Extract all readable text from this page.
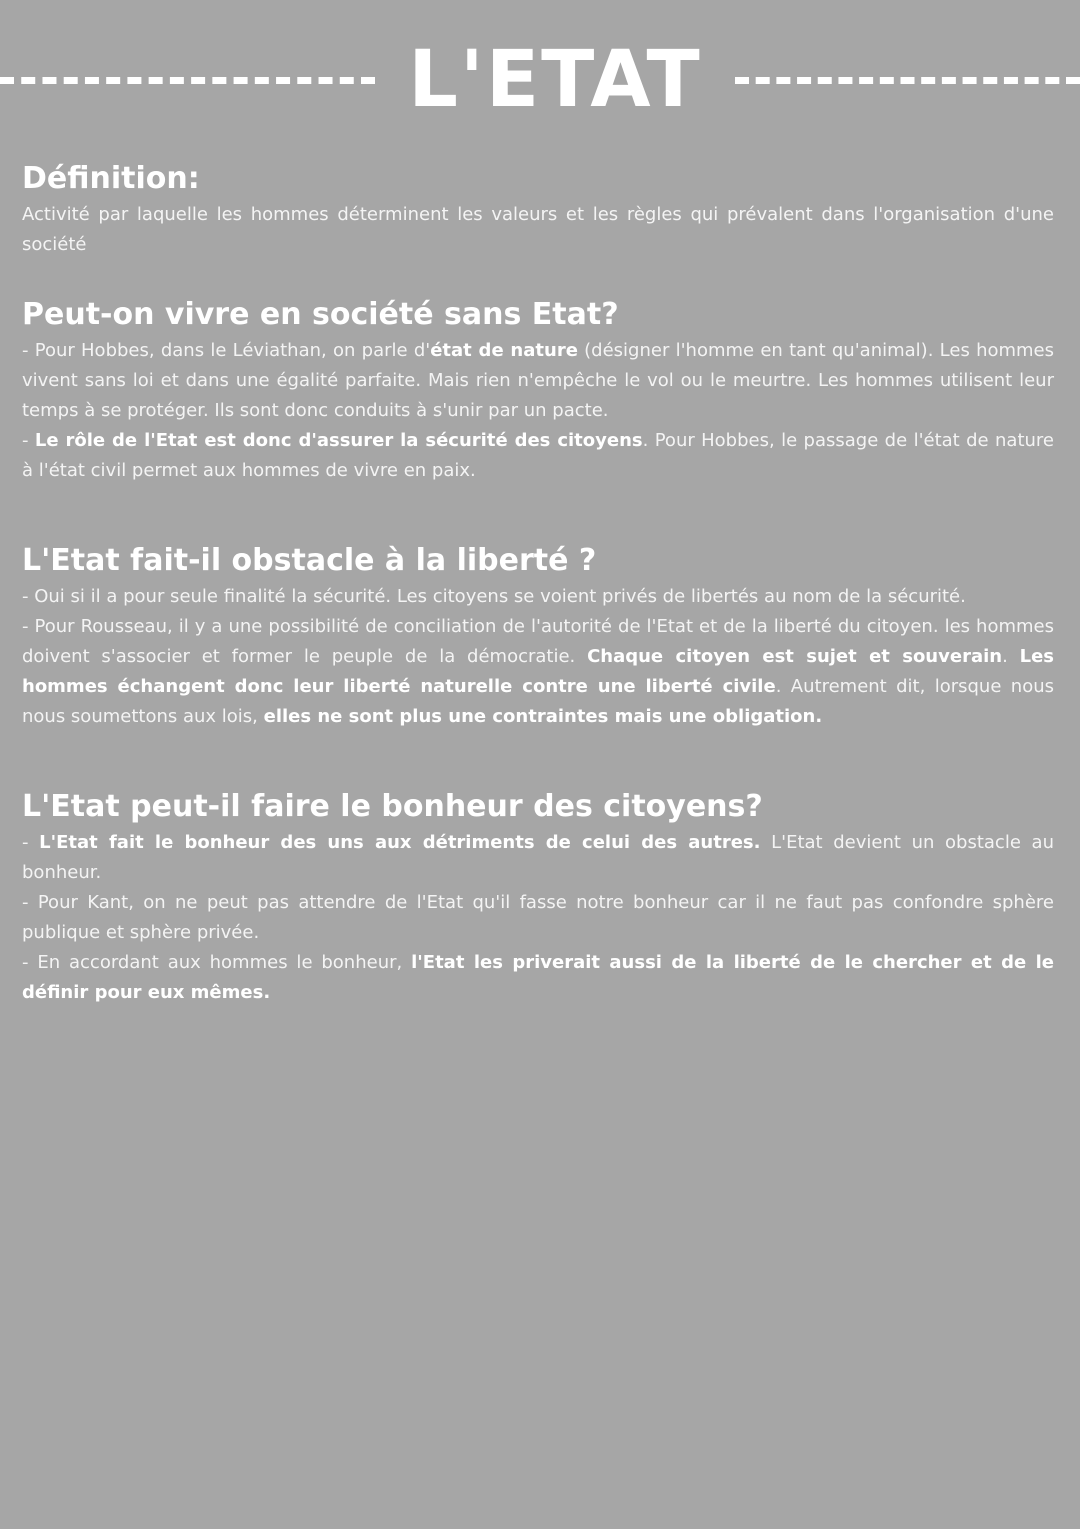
L'ETAT
Définition:

Activité par laquelle les hommes déterminent les valeurs et les règles qui prévalent dans l'organisation d'une société

Peut-on vivre en société sans Etat?

- Pour Hobbes, dans le Léviathan, on parle d'état de nature (désigner l'homme en tant qu'animal). Les hommes vivent sans loi et dans une égalité parfaite. Mais rien n'empêche le vol ou le meurtre. Les hommes utilisent leur temps à se protéger. Ils sont donc conduits à s'unir par un pacte.

- Le rôle de l'Etat est donc d'assurer la sécurité des citoyens. Pour Hobbes, le passage de l'état de nature à l'état civil permet aux hommes de vivre en paix.

L'Etat fait-il obstacle à la liberté ?

- Oui si il a pour seule finalité la sécurité. Les citoyens se voient privés de libertés au nom de la sécurité.

- Pour Rousseau, il y a une possibilité de conciliation de l'autorité de l'Etat et de la liberté du citoyen. les hommes doivent s'associer et former le peuple de la démocratie. Chaque citoyen est sujet et souverain. Les hommes échangent donc leur liberté naturelle contre une liberté civile. Autrement dit, lorsque nous nous soumettons aux lois, elles ne sont plus une contraintes mais une obligation.

L'Etat peut-il faire le bonheur des citoyens?

- L'Etat fait le bonheur des uns aux détriments de celui des autres. L'Etat devient un obstacle au bonheur.

- Pour Kant, on ne peut pas attendre de l'Etat qu'il fasse notre bonheur car il ne faut pas confondre sphère publique et sphère privée.

- En accordant aux hommes le bonheur, l'Etat les priverait aussi de la liberté de le chercher et de le définir pour eux mêmes.
